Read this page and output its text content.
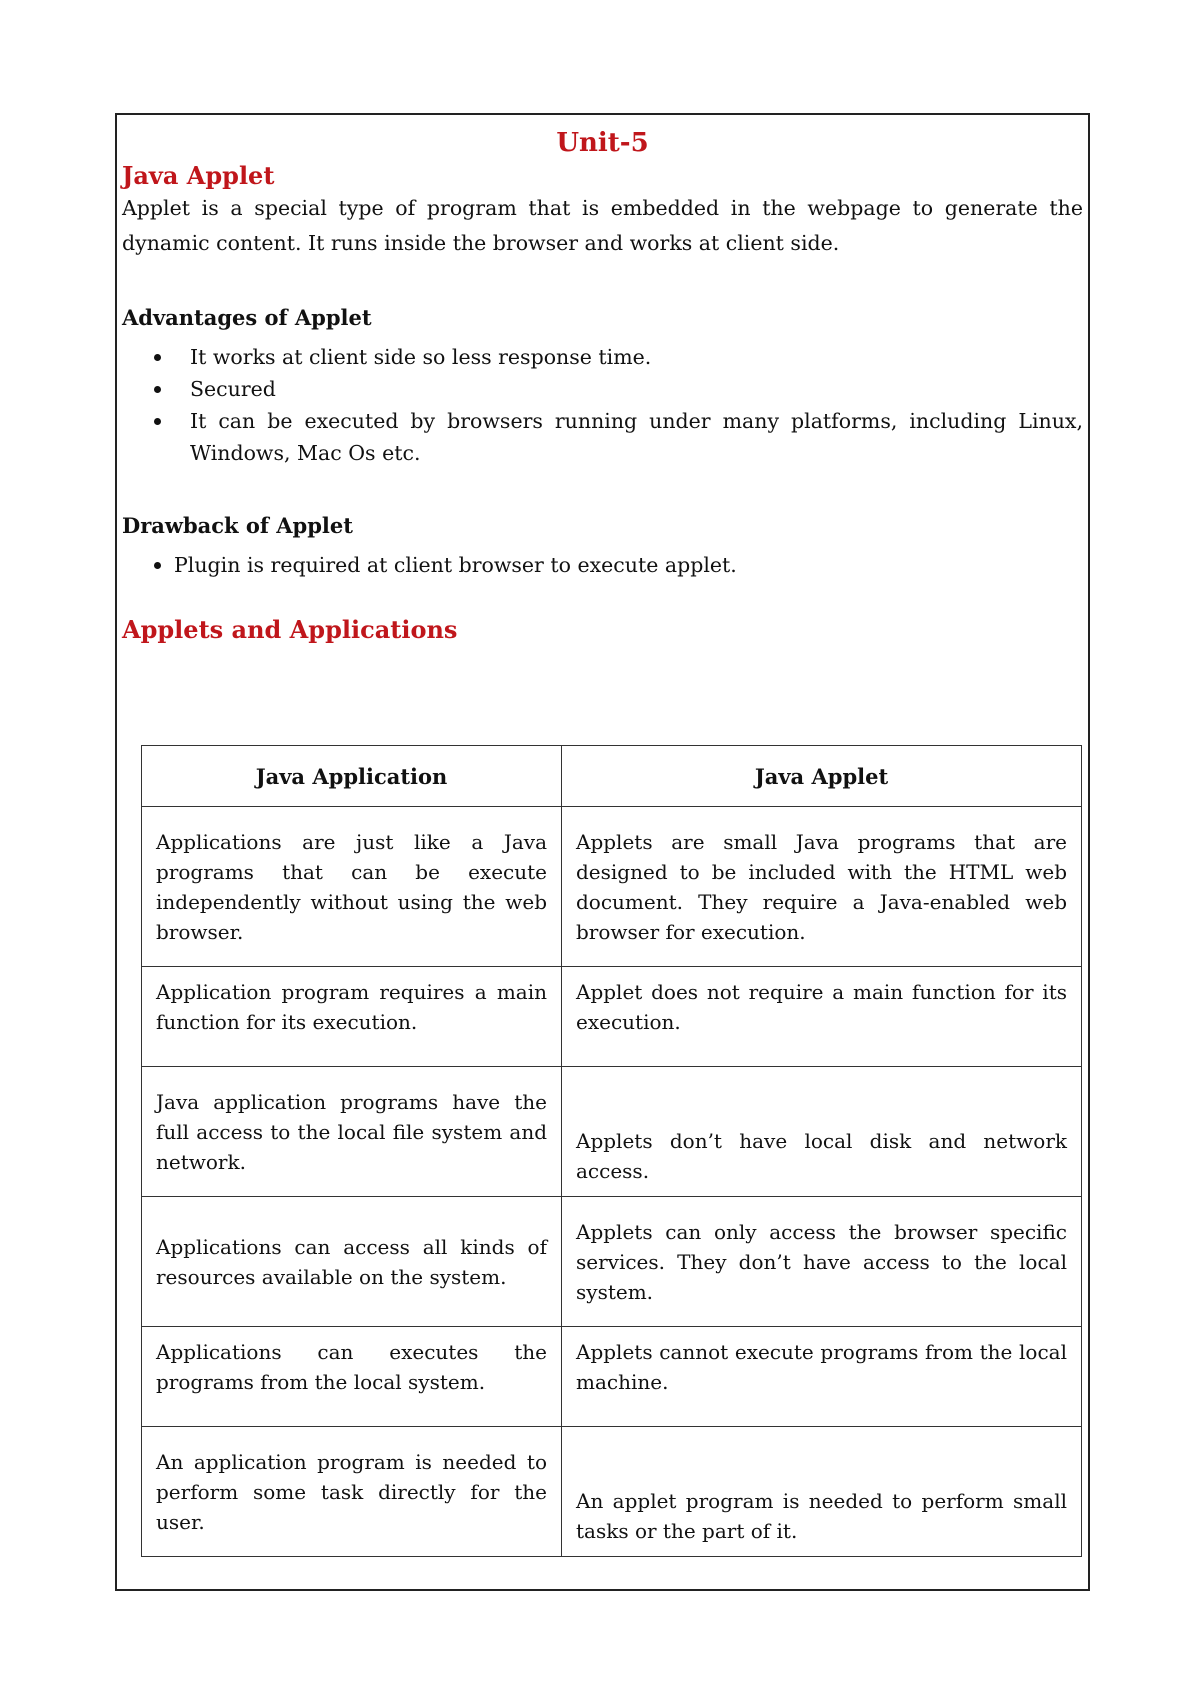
Unit-5
Java Applet

Applet is a special type of program that is embedded in the webpage to generate the dynamic content. It runs inside the browser and works at client side.

Advantages of Applet
It works at client side so less response time.
Secured
It can be executed by browsers running under many platforms, including Linux, Windows, Mac Os etc.
Drawback of Applet
Plugin is required at client browser to execute applet.
Applets and Applications
Java Application	Java Applet
Applications are just like a Java programs that can be execute independently without using the web browser.	Applets are small Java programs that are designed to be included with the HTML web document. They require a Java-enabled web browser for execution.
Application program requires a main function for its execution.	Applet does not require a main function for its execution.
Java application programs have the full access to the local file system and network.	Applets don’t have local disk and network access.
Applications can access all kinds of resources available on the system.	Applets can only access the browser specific services. They don’t have access to the local system.
Applications can executes the programs from the local system.	Applets cannot execute programs from the local machine.
An application program is needed to perform some task directly for the user.	An applet program is needed to perform small tasks or the part of it.
